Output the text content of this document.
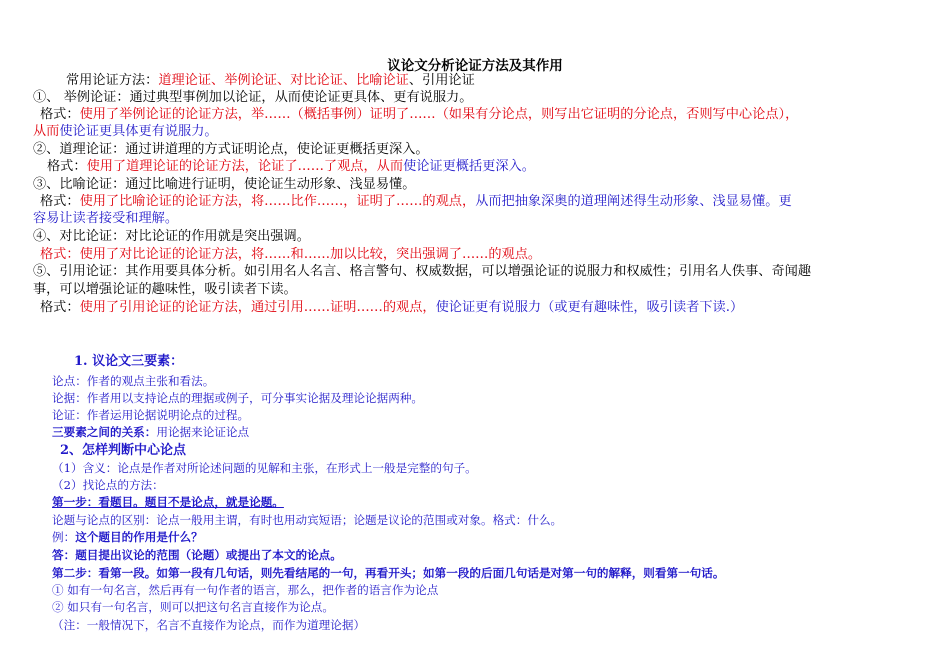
议论文分析论证方法及其作用
常用论证方法：道理论证、举例论证、对比论证、比喻论证、引用论证
①、 举例论证：通过典型事例加以论证，从而使论证更具体、更有说服力。
格式：使用了举例论证的论证方法，举……（概括事例）证明了……（如果有分论点，则写出它证明的分论点，否则写中心论点），
从而使论证更具体更有说服力。
②、道理论证：通过讲道理的方式证明论点，使论证更概括更深入。
格式：使用了道理论证的论证方法，论证了……了观点，从而使论证更概括更深入。
③、比喻论证：通过比喻进行证明，使论证生动形象、浅显易懂。
格式：使用了比喻论证的论证方法，将……比作……，证明了……的观点，从而把抽象深奥的道理阐述得生动形象、浅显易懂。更
容易让读者接受和理解。
④、对比论证：对比论证的作用就是突出强调。
格式：使用了对比论证的论证方法，将……和……加以比较，突出强调了……的观点。
⑤、引用论证：其作用要具体分析。如引用名人名言、格言警句、权威数据，可以增强论证的说服力和权威性；引用名人佚事、奇闻趣
事，可以增强论证的趣味性，吸引读者下读。
格式：使用了引用论证的论证方法，通过引用……证明……的观点，使论证更有说服力（或更有趣味性，吸引读者下读.）
1. 议论文三要素：
论点：作者的观点主张和看法。
论据：作者用以支持论点的理据或例子，可分事实论据及理论论据两种。
论证：作者运用论据说明论点的过程。
三要素之间的关系：用论据来论证论点
2、怎样判断中心论点
（1）含义：论点是作者对所论述问题的见解和主张，在形式上一般是完整的句子。
（2）找论点的方法：
第一步：看题目。题目不是论点，就是论题。
论题与论点的区别：论点一般用主谓，有时也用动宾短语；论题是议论的范围或对象。格式：什么。
例：这个题目的作用是什么？
答：题目提出议论的范围（论题）或提出了本文的论点。
第二步：看第一段。如第一段有几句话，则先看结尾的一句，再看开头；如第一段的后面几句话是对第一句的解释，则看第一句话。
① 如有一句名言，然后再有一句作者的语言，那么，把作者的语言作为论点
② 如只有一句名言，则可以把这句名言直接作为论点。
（注：一般情况下，名言不直接作为论点，而作为道理论据）
